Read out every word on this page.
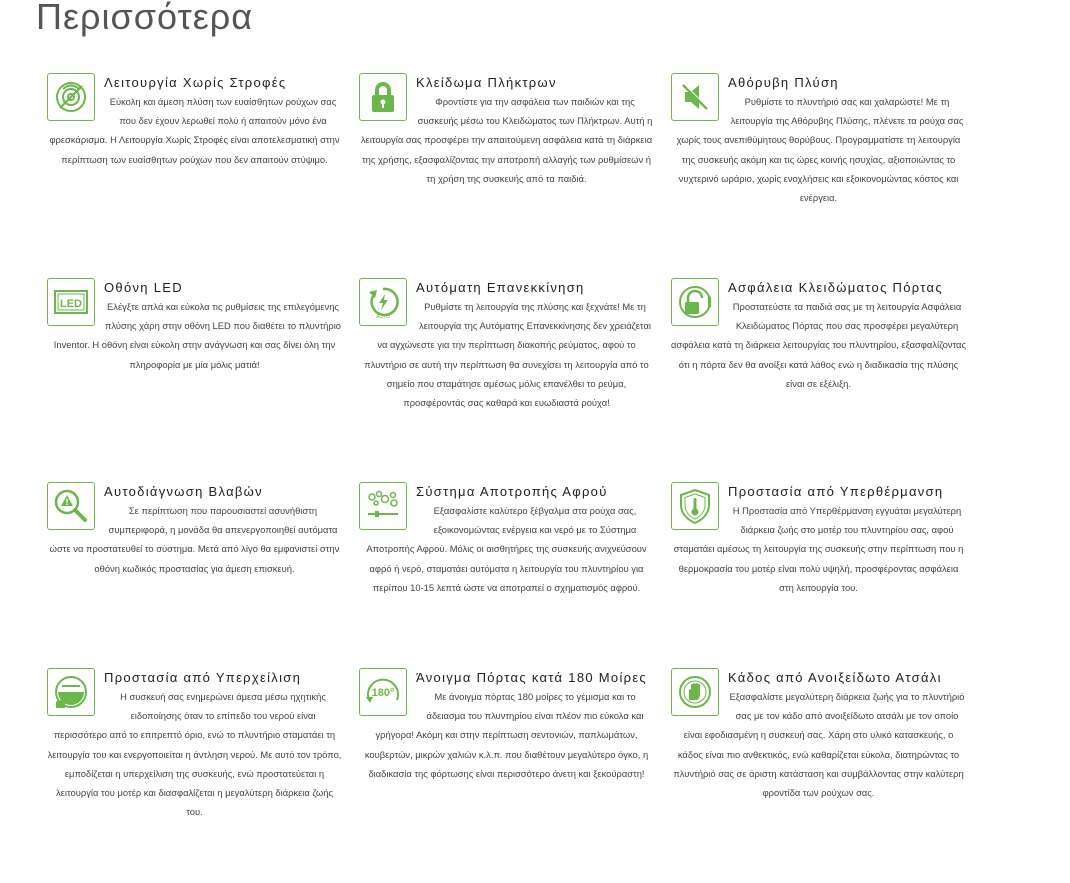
Περισσότερα
Λειτουργία Χωρίς Στροφές

Εύκολη και άμεση πλύση των ευαίσθητων ρούχων σας που δεν έχουν λερωθεί πολύ ή απαιτούν μόνο ένα φρεσκάρισμα. Η Λειτουργία Χωρίς Στροφές είναι αποτελεσματική στην περίπτωση των ευαίσθητων ρούχων που δεν απαιτούν στύψιμο.

Κλείδωμα Πλήκτρων

Φροντίστε για την ασφάλεια των παιδιών και της συσκευής μέσω του Κλειδώματος των Πλήκτρων. Αυτή η λειτουργία σας προσφέρει την απαιτούμενη ασφάλεια κατά τη διάρκεια της χρήσης, εξασφαλίζοντας την αποτροπή αλλαγής των ρυθμίσεων ή τη χρήση της συσκευής από τα παιδιά.

Αθόρυβη Πλύση

Ρυθμίστε το πλυντήριό σας και χαλαρώστε! Με τη λειτουργία της Αθόρυβης Πλύσης, πλένετε τα ρούχα σας χωρίς τους ανεπιθύμητους θορύβους. Προγραμματίστε τη λειτουργία της συσκευής ακόμη και τις ώρες κοινής ησυχίας, αξιοποιώντας το νυχτερινό ωράριο, χωρίς ενοχλήσεις και εξοικονομώντας κόστος και ενέργεια.

LED
Οθόνη LED

Ελέγξτε απλά και εύκολα τις ρυθμίσεις της επιλεγόμενης πλύσης χάρη στην οθόνη LED που διαθέτει το πλυντήριο Inventor. Η οθόνη είναι εύκολη στην ανάγνωση και σας δίνει όλη την πληροφορία με μία μόλις ματιά!

AUTO
Αυτόματη Επανεκκίνηση

Ρυθμίστε τη λειτουργία της πλύσης και ξεχνάτε! Με τη λειτουργία της Αυτόματης Επανεκκίνησης δεν χρειάζεται να αγχώνεστε για την περίπτωση διακοπής ρεύματος, αφού το πλυντήριο σε αυτή την περίπτωση θα συνεχίσει τη λειτουργία από το σημείο που σταμάτησε αμέσως μόλις επανέλθει το ρεύμα, προσφέροντάς σας καθαρά και ευωδιαστά ρούχα!

Ασφάλεια Κλειδώματος Πόρτας

Προστατεύστε τα παιδιά σας με τη λειτουργία Ασφάλεια Κλειδώματος Πόρτας που σας προσφέρει μεγαλύτερη ασφάλεια κατά τη διάρκεια λειτουργίας του πλυντηρίου, εξασφαλίζοντας ότι η πόρτα δεν θα ανοίξει κατά λάθος ενώ η διαδικασία της πλύσης είναι σε εξέλιξη.

Αυτοδιάγνωση Βλαβών

Σε περίπτωση που παρουσιαστεί ασυνήθιστη συμπεριφορά, η μονάδα θα απενεργοποιηθεί αυτόματα ώστε να προστατευθεί το σύστημα. Μετά από λίγο θα εμφανιστεί στην οθόνη κωδικός προστασίας για άμεση επισκευή.

Σύστημα Αποτροπής Αφρού

Εξασφαλίστε καλύτερο ξέβγαλμα στα ρούχα σας, εξοικονομώντας ενέργεια και νερό με το Σύστημα Αποτροπής Αφρού. Μόλις οι αισθητήρες της συσκευής ανιχνεύσουν αφρό ή νερό, σταματάει αυτόματα η λειτουργία του πλυντηρίου για περίπου 10-15 λεπτά ώστε να αποτραπεί ο σχηματισμός αφρού.

Προστασία από Υπερθέρμανση

Η Προστασία από Υπερθέρμανση εγγυάται μεγαλύτερη διάρκεια ζωής στο μοτέρ του πλυντηρίου σας, αφού σταματάει αμέσως τη λειτουργία της συσκευής στην περίπτωση που η θερμοκρασία του μοτέρ είναι πολύ υψηλή, προσφέροντας ασφάλεια στη λειτουργία του.

Προστασία από Υπερχείλιση

Η συσκευή σας ενημερώνει άμεσα μέσω ηχητικής ειδοποίησης όταν το επίπεδο του νερού είναι περισσότερο από το επιτρεπτό όριο, ενώ το πλυντήριο σταματάει τη λειτουργία του και ενεργοποιείται η άντληση νερού. Με αυτό τον τρόπο, εμποδίζεται η υπερχείλιση της συσκευής, ενώ προστατεύεται η λειτουργία του μοτέρ και διασφαλίζεται η μεγαλύτερη διάρκεια ζωής του.

180°
Άνοιγμα Πόρτας κατά 180 Μοίρες

Με άνοιγμα πόρτας 180 μοίρες το γέμισμα και το άδειασμα του πλυντηρίου είναι πλέον πιο εύκολα και γρήγορα! Ακόμη και στην περίπτωση σεντονιών, παπλωμάτων, κουβερτών, μικρών χαλιών κ.λ.π. που διαθέτουν μεγαλύτερο όγκο, η διαδικασία της φόρτωσης είναι περισσότερο άνετη και ξεκούραστη!

Κάδος από Ανοιξείδωτο Ατσάλι

Εξασφαλίστε μεγαλύτερη διάρκεια ζωής για το πλυντήριό σας με τον κάδο από ανοιξείδωτο ατσάλι με τον οποίο είναι εφοδιασμένη η συσκευή σας. Χάρη στο υλικό κατασκευής, ο κάδος είναι πιο ανθεκτικός, ενώ καθαρίζεται εύκολα, διατηρώντας το πλυντήριό σας σε άριστη κατάσταση και συμβάλλοντας στην καλύτερη φροντίδα των ρούχων σας.
